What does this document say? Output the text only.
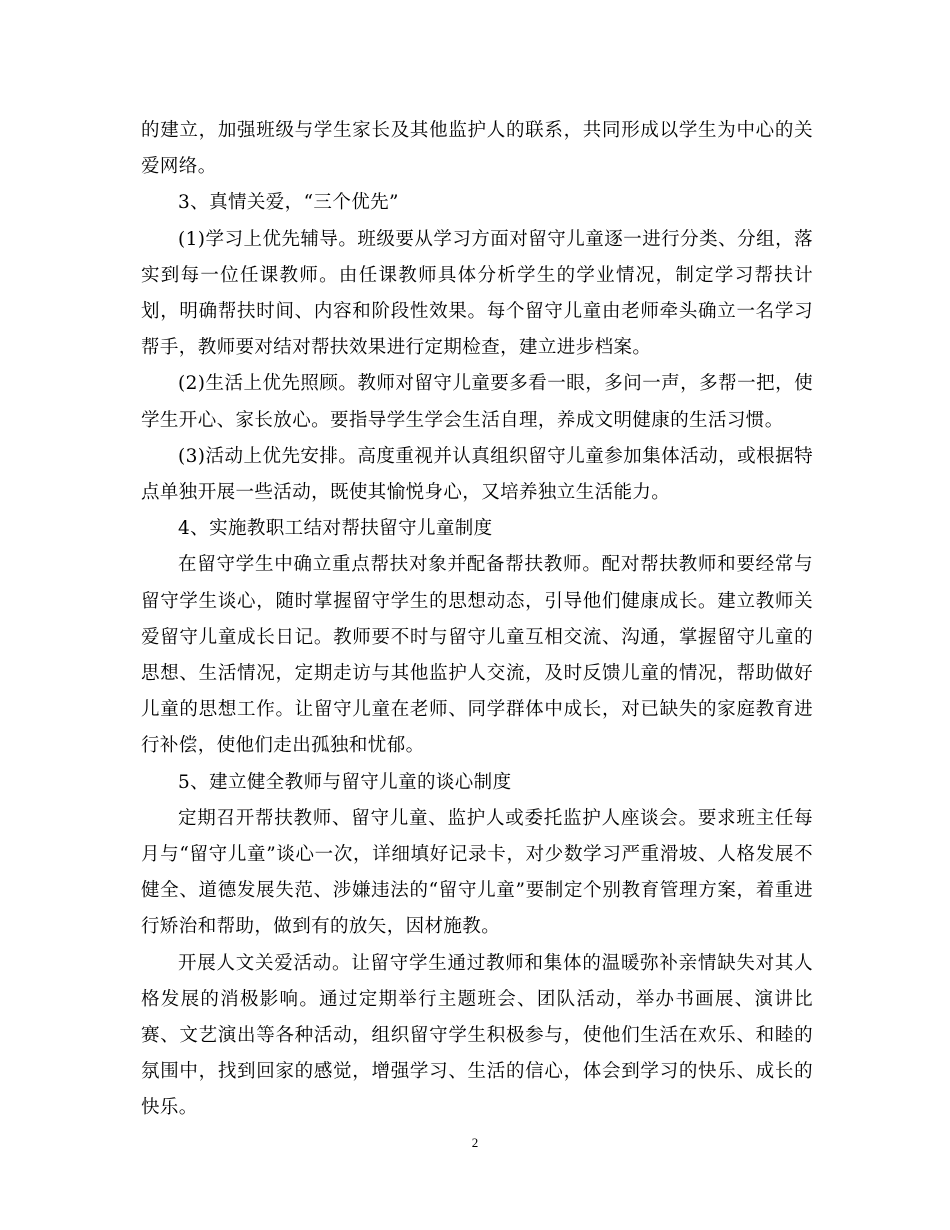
的建立，加强班级与学生家长及其他监护人的联系，共同形成以学生为中心的关爱网络。

3、真情关爱，“三个优先”

(1)学习上优先辅导。班级要从学习方面对留守儿童逐一进行分类、分组，落实到每一位任课教师。由任课教师具体分析学生的学业情况，制定学习帮扶计划，明确帮扶时间、内容和阶段性效果。每个留守儿童由老师牵头确立一名学习帮手，教师要对结对帮扶效果进行定期检查，建立进步档案。

(2)生活上优先照顾。教师对留守儿童要多看一眼，多问一声，多帮一把，使学生开心、家长放心。要指导学生学会生活自理，养成文明健康的生活习惯。

(3)活动上优先安排。高度重视并认真组织留守儿童参加集体活动，或根据特点单独开展一些活动，既使其愉悦身心，又培养独立生活能力。

4、实施教职工结对帮扶留守儿童制度

在留守学生中确立重点帮扶对象并配备帮扶教师。配对帮扶教师和要经常与留守学生谈心，随时掌握留守学生的思想动态，引导他们健康成长。建立教师关爱留守儿童成长日记。教师要不时与留守儿童互相交流、沟通，掌握留守儿童的思想、生活情况，定期走访与其他监护人交流，及时反馈儿童的情况，帮助做好儿童的思想工作。让留守儿童在老师、同学群体中成长，对已缺失的家庭教育进行补偿，使他们走出孤独和忧郁。

5、建立健全教师与留守儿童的谈心制度

定期召开帮扶教师、留守儿童、监护人或委托监护人座谈会。要求班主任每月与“留守儿童”谈心一次，详细填好记录卡，对少数学习严重滑坡、人格发展不健全、道德发展失范、涉嫌违法的“留守儿童”要制定个别教育管理方案，着重进行矫治和帮助，做到有的放矢，因材施教。

开展人文关爱活动。让留守学生通过教师和集体的温暖弥补亲情缺失对其人格发展的消极影响。通过定期举行主题班会、团队活动，举办书画展、演讲比赛、文艺演出等各种活动，组织留守学生积极参与，使他们生活在欢乐、和睦的氛围中，找到回家的感觉，增强学习、生活的信心，体会到学习的快乐、成长的快乐。

2
